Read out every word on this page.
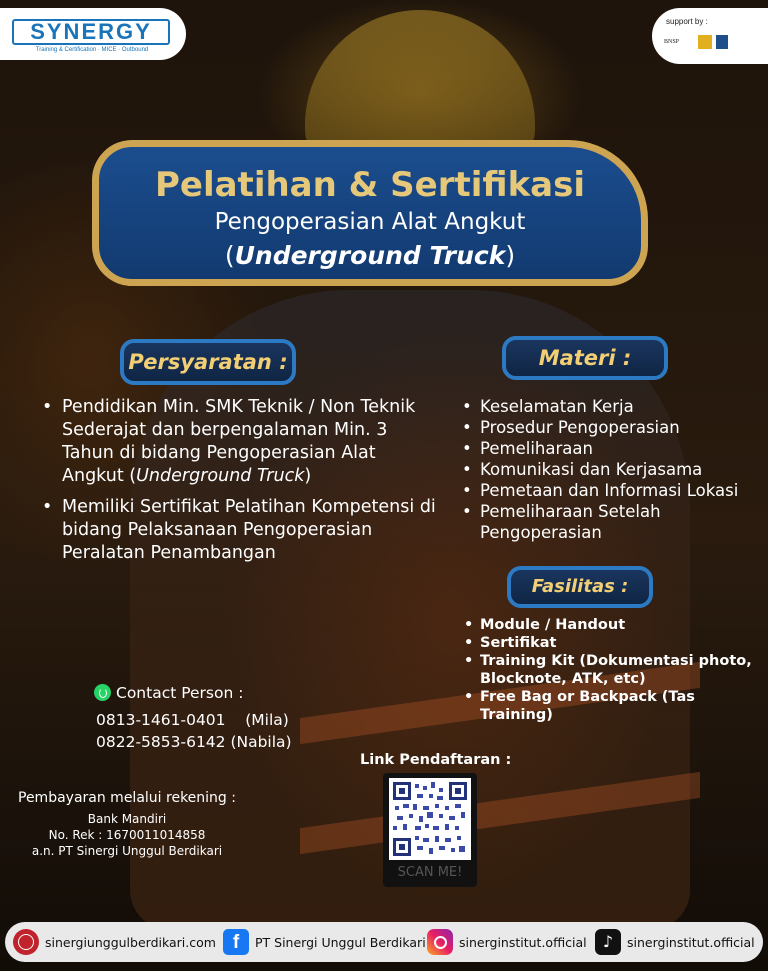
SYNERGY
Training & Certification · MICE · Outbound
support by :
BNSP
Pelatihan & Sertifikasi
Pengoperasian Alat Angkut
(Underground Truck)
Persyaratan :
• Pendidikan Min. SMK Teknik / Non Teknik Sederajat dan berpengalaman Min. 3 Tahun di bidang Pengoperasian Alat Angkut (Underground Truck)
• Memiliki Sertifikat Pelatihan Kompetensi di bidang Pelaksanaan Pengoperasian Peralatan Penambangan
Materi :
• Keselamatan Kerja
• Prosedur Pengoperasian
• Pemeliharaan
• Komunikasi dan Kerjasama
• Pemetaan dan Informasi Lokasi
• Pemeliharaan Setelah Pengoperasian
Fasilitas :
• Module / Handout
• Sertifikat
• Training Kit (Dokumentasi photo, Blocknote, ATK, etc)
• Free Bag or Backpack (Tas Training)
Contact Person :
0813-1461-0401    (Mila)
0822-5853-6142 (Nabila)
Pembayaran melalui rekening :
Bank Mandiri
No. Rek : 1670011014858
a.n. PT Sinergi Unggul Berdikari
Link Pendaftaran :
SCAN ME!
sinergiunggulberdikari.com f	PT Sinergi Unggul Berdikari	sinerginstitut.official	♪	sinerginstitut.official
